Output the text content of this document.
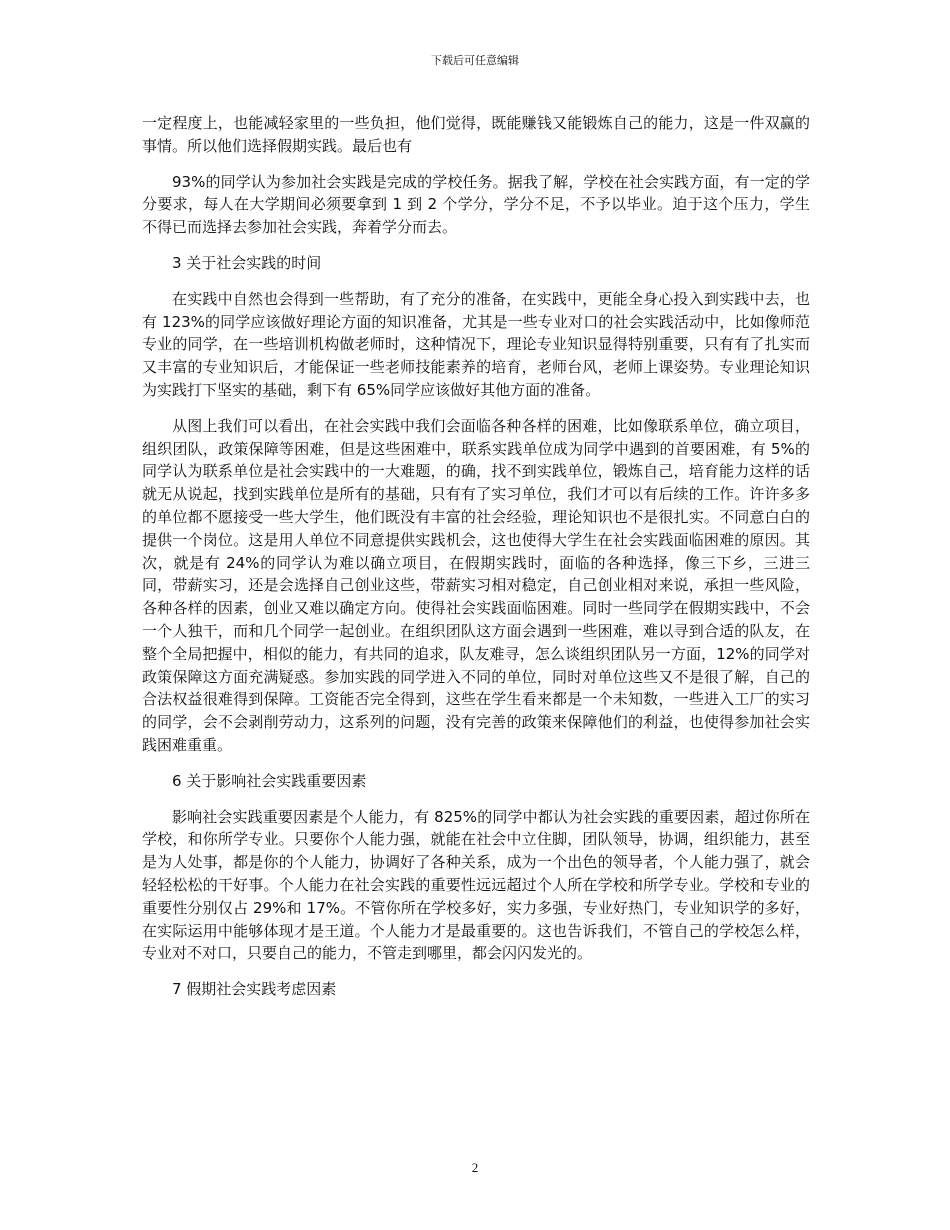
下载后可任意编辑

一定程度上，也能减轻家里的一些负担，他们觉得，既能赚钱又能锻炼自己的能力，这是一件双赢的事情。所以他们选择假期实践。最后也有

93%的同学认为参加社会实践是完成的学校任务。据我了解，学校在社会实践方面，有一定的学分要求，每人在大学期间必须要拿到 1 到 2 个学分，学分不足，不予以毕业。迫于这个压力，学生不得已而选择去参加社会实践，奔着学分而去。

3 关于社会实践的时间

在实践中自然也会得到一些帮助，有了充分的准备，在实践中，更能全身心投入到实践中去，也有 123%的同学应该做好理论方面的知识准备，尤其是一些专业对口的社会实践活动中，比如像师范专业的同学，在一些培训机构做老师时，这种情况下，理论专业知识显得特别重要，只有有了扎实而又丰富的专业知识后，才能保证一些老师技能素养的培育，老师台风，老师上课姿势。专业理论知识为实践打下坚实的基础，剩下有 65%同学应该做好其他方面的准备。

从图上我们可以看出，在社会实践中我们会面临各种各样的困难，比如像联系单位，确立项目，组织团队，政策保障等困难，但是这些困难中，联系实践单位成为同学中遇到的首要困难，有 5%的同学认为联系单位是社会实践中的一大难题，的确，找不到实践单位，锻炼自己，培育能力这样的话就无从说起，找到实践单位是所有的基础，只有有了实习单位，我们才可以有后续的工作。许许多多的单位都不愿接受一些大学生，他们既没有丰富的社会经验，理论知识也不是很扎实。不同意白白的提供一个岗位。这是用人单位不同意提供实践机会，这也使得大学生在社会实践面临困难的原因。其次，就是有 24%的同学认为难以确立项目，在假期实践时，面临的各种选择，像三下乡，三进三同，带薪实习，还是会选择自己创业这些，带薪实习相对稳定，自己创业相对来说，承担一些风险，各种各样的因素，创业又难以确定方向。使得社会实践面临困难。同时一些同学在假期实践中，不会一个人独干，而和几个同学一起创业。在组织团队这方面会遇到一些困难，难以寻到合适的队友，在整个全局把握中，相似的能力，有共同的追求，队友难寻，怎么谈组织团队另一方面，12%的同学对政策保障这方面充满疑惑。参加实践的同学进入不同的单位，同时对单位这些又不是很了解，自己的合法权益很难得到保障。工资能否完全得到，这些在学生看来都是一个未知数，一些进入工厂的实习的同学，会不会剥削劳动力，这系列的问题，没有完善的政策来保障他们的利益，也使得参加社会实践困难重重。

6 关于影响社会实践重要因素

影响社会实践重要因素是个人能力，有 825%的同学中都认为社会实践的重要因素，超过你所在学校，和你所学专业。只要你个人能力强，就能在社会中立住脚，团队领导，协调，组织能力，甚至是为人处事，都是你的个人能力，协调好了各种关系，成为一个出色的领导者，个人能力强了，就会轻轻松松的干好事。个人能力在社会实践的重要性远远超过个人所在学校和所学专业。学校和专业的重要性分别仅占 29%和 17%。不管你所在学校多好，实力多强，专业好热门，专业知识学的多好，在实际运用中能够体现才是王道。个人能力才是最重要的。这也告诉我们，不管自己的学校怎么样，专业对不对口，只要自己的能力，不管走到哪里，都会闪闪发光的。

7 假期社会实践考虑因素

2
